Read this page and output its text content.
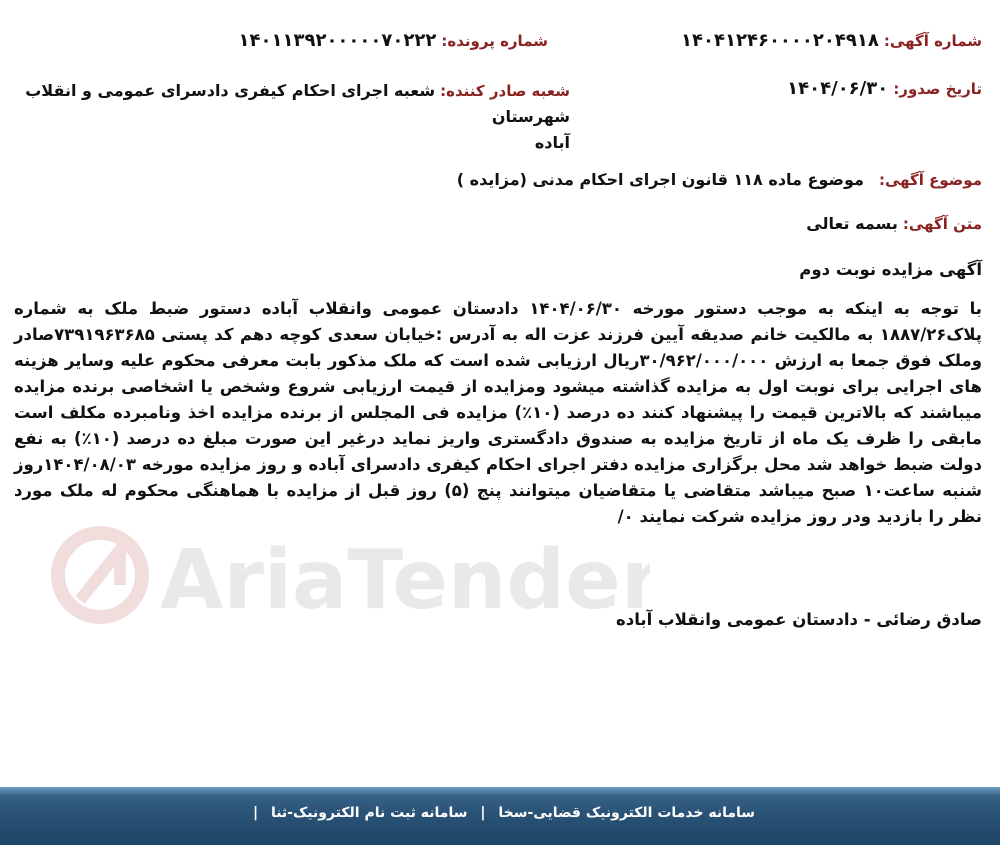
شماره آگهی: ۱۴۰۴۱۲۴۶۰۰۰۰۲۰۴۹۱۸
شماره پرونده: ۱۴۰۱۱۳۹۲۰۰۰۰۰۷۰۲۲۲
تاریخ صدور: ۱۴۰۴/۰۶/۳۰
شعبه صادر کننده: شعبه اجرای احکام کیفری دادسرای عمومی و انقلاب شهرستان
آباده
موضوع آگهی: موضوع ماده ۱۱۸ قانون اجرای احکام مدنی (مزایده )
متن آگهی: بسمه تعالی
آگهی مزایده نوبت دوم
AriaTender
با توجه به اینکه به موجب دستور مورخه ۱۴۰۴/۰۶/۳۰ دادستان عمومی وانقلاب آباده دستور ضبط ملک به شماره پلاک۱۸۸۷/۲۶ به مالکیت خانم صدیقه آیین فرزند عزت اله به آدرس :خیابان سعدی کوچه دهم کد پستی ۷۳۹۱۹۶۳۶۸۵صادر وملک فوق جمعا به ارزش ۳۰/۹۶۲/۰۰۰/۰۰۰ریال ارزیابی شده است که ملک مذکور بابت معرفی محکوم علیه وسایر هزینه های اجرایی برای نوبت اول به مزایده گذاشته میشود ومزایده از قیمت ارزیابی شروع وشخص یا اشخاصی برنده مزایده میباشند که بالاترین قیمت را پیشنهاد کنند ده درصد (۱۰٪) مزایده فی المجلس از برنده مزایده اخذ ونامبرده مکلف است مابقی را ظرف یک ماه از تاریخ مزایده به صندوق دادگستری واریز نماید درغیر این صورت مبلغ ده درصد (۱۰٪) به نفع دولت ضبط خواهد شد محل برگزاری مزایده دفتر اجرای احکام کیفری دادسرای آباده و روز مزایده مورخه ۱۴۰۴/۰۸/۰۳روز شنبه ساعت۱۰ صبح میباشد متقاضی یا متقاضیان میتوانند پنج (۵) روز قبل از مزایده با هماهنگی محکوم له ملک مورد نظر را بازدید ودر روز مزایده شرکت نمایند ۰/
صادق رضائی - دادستان عمومی وانقلاب آباده
سامانه خدمات الکترونیک قضایی-سخا | سامانه ثبت نام الکترونیک-ثنا |
